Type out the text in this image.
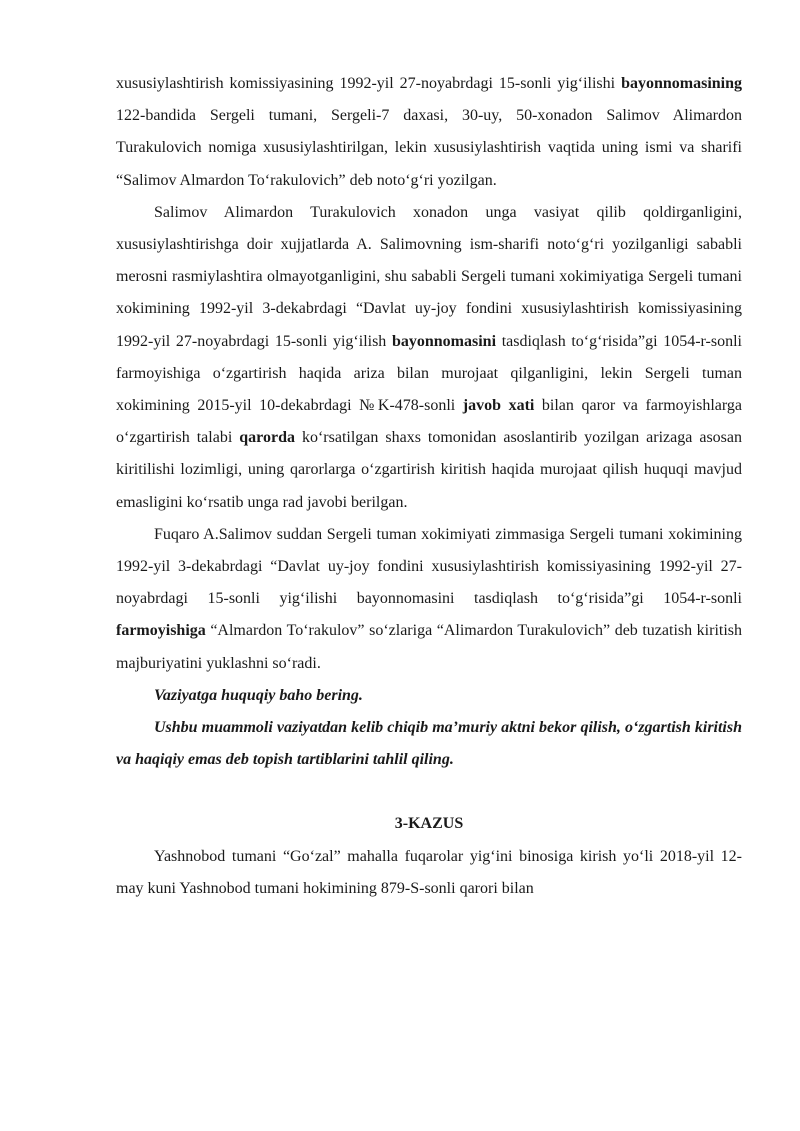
xususiylashtirish komissiyasining 1992-yil 27-noyabrdagi 15-sonli yig‘ilishi bayonnomasining 122-bandida Sergeli tumani, Sergeli-7 daxasi, 30-uy, 50-xonadon Salimov Alimardon Turakulovich nomiga xususiylashtirilgan, lekin xususiylashtirish vaqtida uning ismi va sharifi “Salimov Almardon To‘rakulovich” deb noto‘g‘ri yozilgan.

Salimov Alimardon Turakulovich xonadon unga vasiyat qilib qoldirganligini, xususiylashtirishga doir xujjatlarda A. Salimovning ism-sharifi noto‘g‘ri yozilganligi sababli merosni rasmiylashtira olmayotganligini, shu sababli Sergeli tumani xokimiyatiga Sergeli tumani xokimining 1992-yil 3-dekabrdagi “Davlat uy-joy fondini xususiylashtirish komissiyasining 1992-yil 27-noyabrdagi 15-sonli yig‘ilish bayonnomasini tasdiqlash to‘g‘risida”gi 1054-r-sonli farmoyishiga o‘zgartirish haqida ariza bilan murojaat qilganligini, lekin Sergeli tuman xokimining 2015-yil 10-dekabrdagi №K-478-sonli javob xati bilan qaror va farmoyishlarga o‘zgartirish talabi qarorda ko‘rsatilgan shaxs tomonidan asoslantirib yozilgan arizaga asosan kiritilishi lozimligi, uning qarorlarga o‘zgartirish kiritish haqida murojaat qilish huquqi mavjud emasligini ko‘rsatib unga rad javobi berilgan.

Fuqaro A.Salimov suddan Sergeli tuman xokimiyati zimmasiga Sergeli tumani xokimining 1992-yil 3-dekabrdagi “Davlat uy-joy fondini xususiylashtirish komissiyasining 1992-yil 27-noyabrdagi 15-sonli yig‘ilishi bayonnomasini tasdiqlash to‘g‘risida”gi 1054-r-sonli farmoyishiga “Almardon To‘rakulov” so‘zlariga “Alimardon Turakulovich” deb tuzatish kiritish majburiyatini yuklashni so‘radi.

Vaziyatga huquqiy baho bering.

Ushbu muammoli vaziyatdan kelib chiqib ma’muriy aktni bekor qilish, o‘zgartish kiritish va haqiqiy emas deb topish tartiblarini tahlil qiling.

3-KAZUS

Yashnobod tumani “Go‘zal” mahalla fuqarolar yig‘ini binosiga kirish yo‘li 2018-yil 12-may kuni Yashnobod tumani hokimining 879-S-sonli qarori bilan
